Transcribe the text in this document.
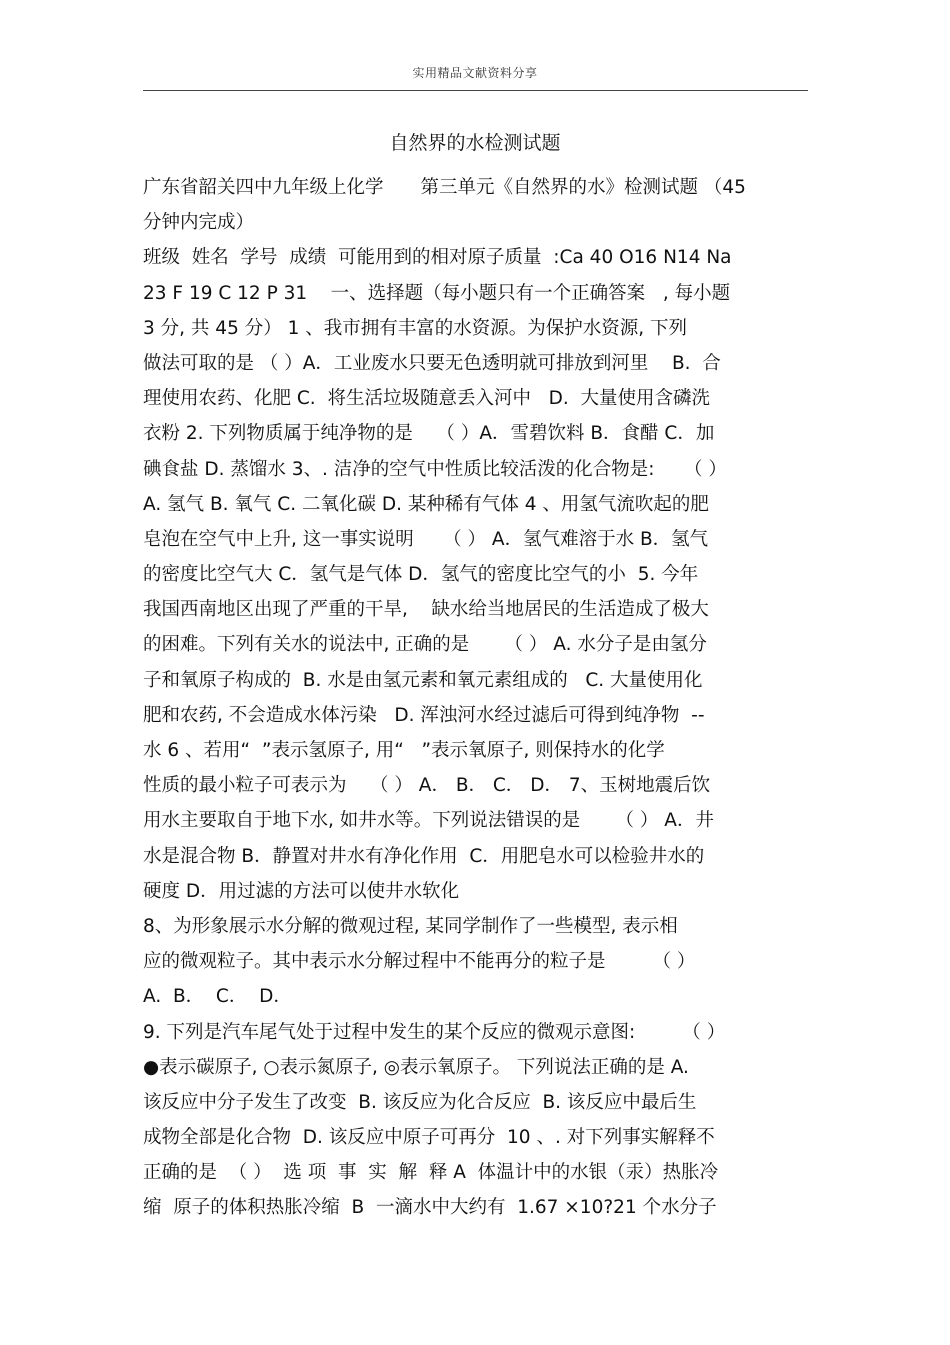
实用精品文献资料分享
自然界的水检测试题
广东省韶关四中九年级上化学　　第三单元《自然界的水》检测试题 （45
分钟内完成）
班级  姓名  学号  成绩  可能用到的相对原子质量  :Ca 40 O16 N14 Na
23 F 19 C 12 P 31    一、选择题（每小题只有一个正确答案   , 每小题
3 分, 共 45 分） 1 、我市拥有丰富的水资源。为保护水资源, 下列
做法可取的是 （ ）A．工业废水只要无色透明就可排放到河里    B.  合
理使用农药、化肥 C.  将生活垃圾随意丢入河中   D.  大量使用含磷洗
衣粉 2. 下列物质属于纯净物的是    （ ）A．雪碧饮料 B．食醋 C．加
碘食盐 D. 蒸馏水 3、. 洁净的空气中性质比较活泼的化合物是:     （ ）
A. 氢气 B. 氧气 C. 二氧化碳 D. 某种稀有气体 4 、用氢气流吹起的肥
皂泡在空气中上升, 这一事实说明     （ ） A．氢气难溶于水 B．氢气
的密度比空气大 C．氢气是气体 D．氢气的密度比空气的小  5. 今年
我国西南地区出现了严重的干旱,    缺水给当地居民的生活造成了极大
的困难。下列有关水的说法中, 正确的是      （ ） A. 水分子是由氢分
子和氧原子构成的  B. 水是由氢元素和氧元素组成的   C. 大量使用化
肥和农药, 不会造成水体污染   D. 浑浊河水经过滤后可得到纯净物  --
水 6 、若用“  ”表示氢原子, 用“   ”表示氧原子, 则保持水的化学
性质的最小粒子可表示为    （ ） A． B． C． D． 7、玉树地震后饮
用水主要取自于地下水, 如井水等。下列说法错误的是      （ ） A．井
水是混合物 B．静置对井水有净化作用  C．用肥皂水可以检验井水的
硬度 D．用过滤的方法可以使井水软化
8、为形象展示水分解的微观过程, 某同学制作了一些模型, 表示相
应的微观粒子。其中表示水分解过程中不能再分的粒子是        （ ）
A.  B．  C．  D．
9. 下列是汽车尾气处于过程中发生的某个反应的微观示意图:        （ ）
●表示碳原子, ○表示氮原子, ◎表示氧原子。 下列说法正确的是 A.
该反应中分子发生了改变  B. 该反应为化合反应  B. 该反应中最后生
成物全部是化合物  D. 该反应中原子可再分  10 、. 对下列事实解释不
正确的是  （ ）  选 项  事  实  解  释 A  体温计中的水银（汞）热胀冷
缩  原子的体积热胀冷缩  B  一滴水中大约有  1.67 ×10?21 个水分子
